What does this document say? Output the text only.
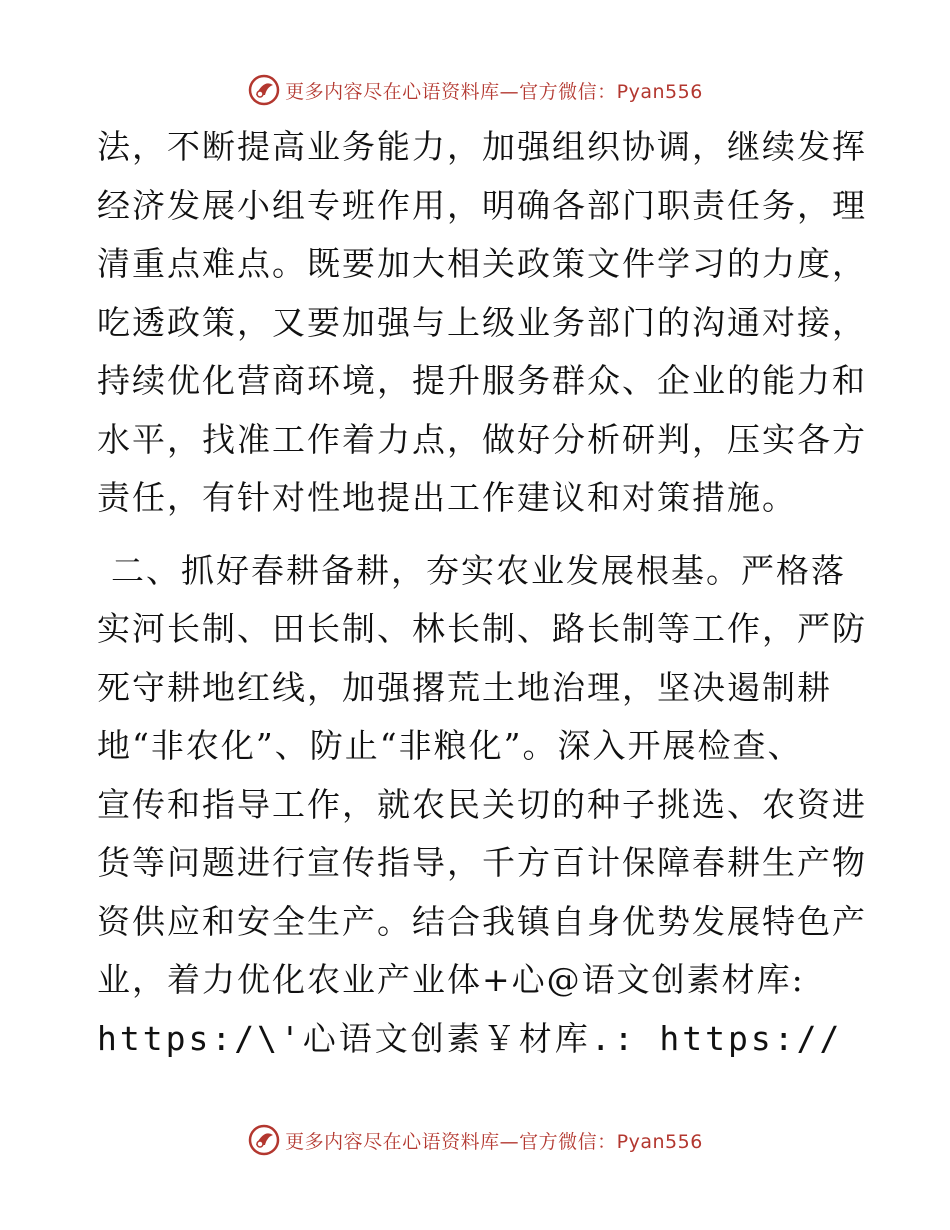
更多内容尽在心语资料库—官方微信：Pyan556
法，不断提高业务能力，加强组织协调，继续发挥
经济发展小组专班作用，明确各部门职责任务，理
清重点难点。既要加大相关政策文件学习的力度，
吃透政策，又要加强与上级业务部门的沟通对接，
持续优化营商环境，提升服务群众、企业的能力和
水平，找准工作着力点，做好分析研判，压实各方
责任，有针对性地提出工作建议和对策措施。
二、抓好春耕备耕，夯实农业发展根基。严格落
实河长制、田长制、林长制、路长制等工作，严防
死守耕地红线，加强撂荒土地治理，坚决遏制耕
地“非农化”、防止“非粮化”。深入开展检查、
宣传和指导工作，就农民关切的种子挑选、农资进
货等问题进行宣传指导，千方百计保障春耕生产物
资供应和安全生产。结合我镇自身优势发展特色产
业，着力优化农业产业体+心@语文创素材库:
https:/\'心语文创素￥材库.: https://
更多内容尽在心语资料库—官方微信：Pyan556
